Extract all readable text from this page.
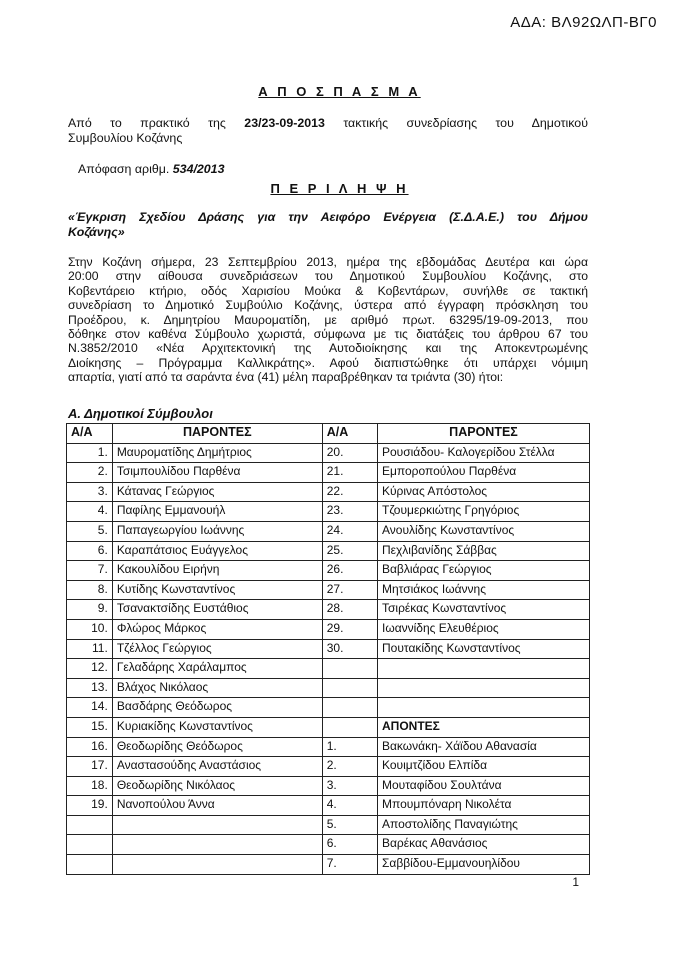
ΑΔΑ: ΒΛ92ΩΛΠ-ΒΓ0
Α Π Ο Σ Π Α Σ Μ Α
Από το πρακτικό της 23/23-09-2013 τακτικής συνεδρίασης του Δημοτικού
Συμβουλίου Κοζάνης
Απόφαση αριθμ. 534/2013
Π Ε Ρ Ι Λ Η Ψ Η
«Έγκριση Σχεδίου Δράσης για την Αειφόρο Ενέργεια (Σ.Δ.Α.Ε.) του Δήμου
Κοζάνης»
Στην Κοζάνη σήμερα, 23 Σεπτεμβρίου 2013, ημέρα της εβδομάδας Δευτέρα και ώρα
20:00 στην αίθουσα συνεδριάσεων του Δημοτικού Συμβουλίου Κοζάνης, στο
Κοβεντάρειο κτήριο, οδός Χαρισίου Μούκα & Κοβεντάρων, συνήλθε σε τακτική
συνεδρίαση το Δημοτικό Συμβούλιο Κοζάνης, ύστερα από έγγραφη πρόσκληση του
Προέδρου, κ. Δημητρίου Μαυροματίδη, με αριθμό πρωτ. 63295/19-09-2013, που
δόθηκε στον καθένα Σύμβουλο χωριστά, σύμφωνα με τις διατάξεις του άρθρου 67 του
Ν.3852/2010 «Νέα Αρχιτεκτονική της Αυτοδιοίκησης και της Αποκεντρωμένης
Διοίκησης – Πρόγραμμα Καλλικράτης». Αφού διαπιστώθηκε ότι υπάρχει νόμιμη
απαρτία, γιατί από τα σαράντα ένα (41) μέλη παραβρέθηκαν τα τριάντα (30) ήτοι:
Α. Δημοτικοί Σύμβουλοι
Α/Α	ΠΑΡΟΝΤΕΣ	Α/Α	ΠΑΡΟΝΤΕΣ
1.	Μαυροματίδης Δημήτριος	20.	Ρουσιάδου- Καλογερίδου Στέλλα
2.	Τσιμπουλίδου Παρθένα	21.	Εμποροπούλου Παρθένα
3.	Κάτανας Γεώργιος	22.	Κύρινας Απόστολος
4.	Παφίλης Εμμανουήλ	23.	Τζουμερκιώτης Γρηγόριος
5.	Παπαγεωργίου Ιωάννης	24.	Ανουλίδης Κωνσταντίνος
6.	Καραπάτσιος Ευάγγελος	25.	Πεχλιβανίδης Σάββας
7.	Κακουλίδου Ειρήνη	26.	Βαβλιάρας Γεώργιος
8.	Κυτίδης Κωνσταντίνος	27.	Μητσιάκος Ιωάννης
9.	Τσανακτσίδης Ευστάθιος	28.	Τσιρέκας Κωνσταντίνος
10.	Φλώρος Μάρκος	29.	Ιωαννίδης Ελευθέριος
11.	Τζέλλος Γεώργιος	30.	Πουτακίδης Κωνσταντίνος
12.	Γελαδάρης Χαράλαμπος		
13.	Βλάχος Νικόλαος		
14.	Βασδάρης Θεόδωρος		
15.	Κυριακίδης Κωνσταντίνος		ΑΠΟΝΤΕΣ
16.	Θεοδωρίδης Θεόδωρος	1.	Βακωνάκη- Χάϊδου Αθανασία
17.	Αναστασούδης Αναστάσιος	2.	Κουιμτζίδου Ελπίδα
18.	Θεοδωρίδης Νικόλαος	3.	Μουταφίδου Σουλτάνα
19.	Νανοπούλου Άννα	4.	Μπουμπόναρη Νικολέτα
		5.	Αποστολίδης Παναγιώτης
		6.	Βαρέκας Αθανάσιος
		7.	Σαββίδου-Εμμανουηλίδου
1
